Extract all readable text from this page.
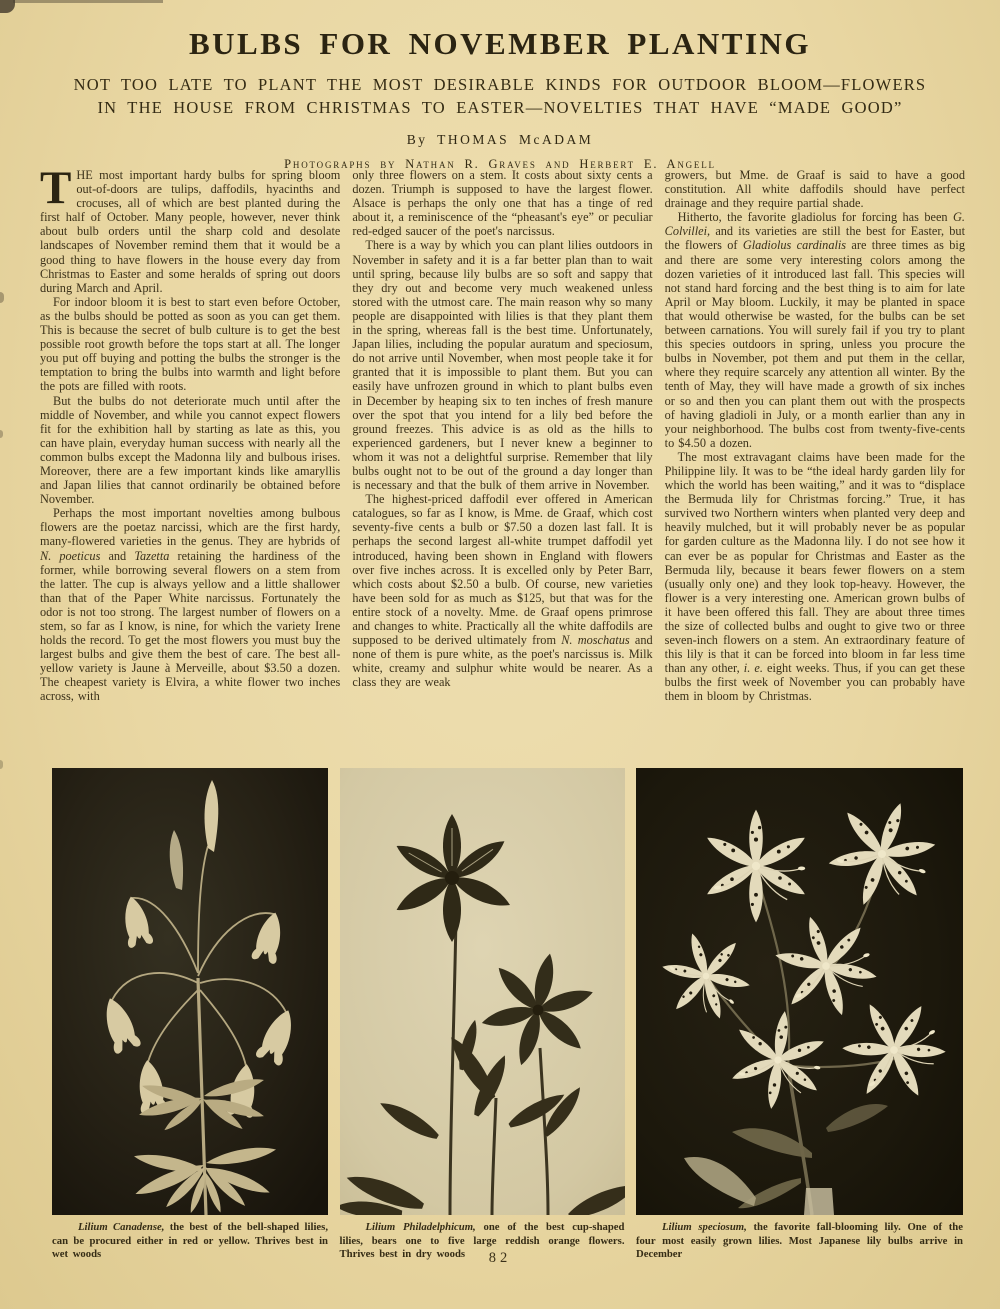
BULBS FOR NOVEMBER PLANTING
NOT TOO LATE TO PLANT THE MOST DESIRABLE KINDS FOR OUTDOOR BLOOM—FLOWERS
IN THE HOUSE FROM CHRISTMAS TO EASTER—NOVELTIES THAT HAVE “MADE GOOD”
By THOMAS McADAM
Photographs by Nathan R. Graves and Herbert E. Angell

THE most important hardy bulbs for spring bloom out-of-doors are tulips, daffodils, hyacinths and crocuses, all of which are best planted during the first half of October. Many people, however, never think about bulb orders until the sharp cold and desolate landscapes of November remind them that it would be a good thing to have flowers in the house every day from Christmas to Easter and some heralds of spring out doors during March and April.

For indoor bloom it is best to start even before October, as the bulbs should be potted as soon as you can get them. This is because the secret of bulb culture is to get the best possible root growth before the tops start at all. The longer you put off buying and potting the bulbs the stronger is the temptation to bring the bulbs into warmth and light before the pots are filled with roots.

But the bulbs do not deteriorate much until after the middle of November, and while you cannot expect flowers fit for the exhibition hall by starting as late as this, you can have plain, everyday human success with nearly all the common bulbs except the Madonna lily and bulbous irises. Moreover, there are a few important kinds like amaryllis and Japan lilies that cannot ordinarily be obtained before November.

Perhaps the most important novelties among bulbous flowers are the poetaz narcissi, which are the first hardy, many-flowered varieties in the genus. They are hybrids of N. poeticus and Tazetta retaining the hardiness of the former, while borrowing several flowers on a stem from the latter. The cup is always yellow and a little shallower than that of the Paper White narcissus. Fortunately the odor is not too strong. The largest number of flowers on a stem, so far as I know, is nine, for which the variety Irene holds the record. To get the most flowers you must buy the largest bulbs and give them the best of care. The best all-yellow variety is Jaune à Merveille, about $3.50 a dozen. The cheapest variety is Elvira, a white flower two inches across, with

only three flowers on a stem. It costs about sixty cents a dozen. Triumph is supposed to have the largest flower. Alsace is perhaps the only one that has a tinge of red about it, a reminiscence of the “pheasant's eye” or peculiar red-edged saucer of the poet's narcissus.

There is a way by which you can plant lilies outdoors in November in safety and it is a far better plan than to wait until spring, because lily bulbs are so soft and sappy that they dry out and become very much weakened unless stored with the utmost care. The main reason why so many people are disappointed with lilies is that they plant them in the spring, whereas fall is the best time. Unfortunately, Japan lilies, including the popular auratum and speciosum, do not arrive until November, when most people take it for granted that it is impossible to plant them. But you can easily have unfrozen ground in which to plant bulbs even in December by heaping six to ten inches of fresh manure over the spot that you intend for a lily bed before the ground freezes. This advice is as old as the hills to experienced gardeners, but I never knew a beginner to whom it was not a delightful surprise. Remember that lily bulbs ought not to be out of the ground a day longer than is necessary and that the bulk of them arrive in November.

The highest-priced daffodil ever offered in American catalogues, so far as I know, is Mme. de Graaf, which cost seventy-five cents a bulb or $7.50 a dozen last fall. It is perhaps the second largest all-white trumpet daffodil yet introduced, having been shown in England with flowers over five inches across. It is excelled only by Peter Barr, which costs about $2.50 a bulb. Of course, new varieties have been sold for as much as $125, but that was for the entire stock of a novelty. Mme. de Graaf opens primrose and changes to white. Practically all the white daffodils are supposed to be derived ultimately from N. moschatus and none of them is pure white, as the poet's narcissus is. Milk white, creamy and sulphur white would be nearer. As a class they are weak

growers, but Mme. de Graaf is said to have a good constitution. All white daffodils should have perfect drainage and they require partial shade.

Hitherto, the favorite gladiolus for forcing has been G. Colvillei, and its varieties are still the best for Easter, but the flowers of Gladiolus cardinalis are three times as big and there are some very interesting colors among the dozen varieties of it introduced last fall. This species will not stand hard forcing and the best thing is to aim for late April or May bloom. Luckily, it may be planted in space that would otherwise be wasted, for the bulbs can be set between carnations. You will surely fail if you try to plant this species outdoors in spring, unless you procure the bulbs in November, pot them and put them in the cellar, where they require scarcely any attention all winter. By the tenth of May, they will have made a growth of six inches or so and then you can plant them out with the prospects of having gladioli in July, or a month earlier than any in your neighborhood. The bulbs cost from twenty-five-cents to $4.50 a dozen.

The most extravagant claims have been made for the Philippine lily. It was to be “the ideal hardy garden lily for which the world has been waiting,” and it was to “displace the Bermuda lily for Christmas forcing.” True, it has survived two Northern winters when planted very deep and heavily mulched, but it will probably never be as popular for garden culture as the Madonna lily. I do not see how it can ever be as popular for Christmas and Easter as the Bermuda lily, because it bears fewer flowers on a stem (usually only one) and they look top-heavy. However, the flower is a very interesting one. American grown bulbs of it have been offered this fall. They are about three times the size of collected bulbs and ought to give two or three seven-inch flowers on a stem. An extraordinary feature of this lily is that it can be forced into bloom in far less time than any other, i. e. eight weeks. Thus, if you can get these bulbs the first week of November you can probably have them in bloom by Christmas.

Lilium Canadense, the best of the bell-shaped lilies, can be procured either in red or yellow. Thrives best in wet woods
Lilium Philadelphicum, one of the best cup-shaped lilies, bears one to five large reddish orange flowers. Thrives best in dry woods
Lilium speciosum, the favorite fall-blooming lily. One of the four most easily grown lilies. Most Japanese lily bulbs arrive in December
82
